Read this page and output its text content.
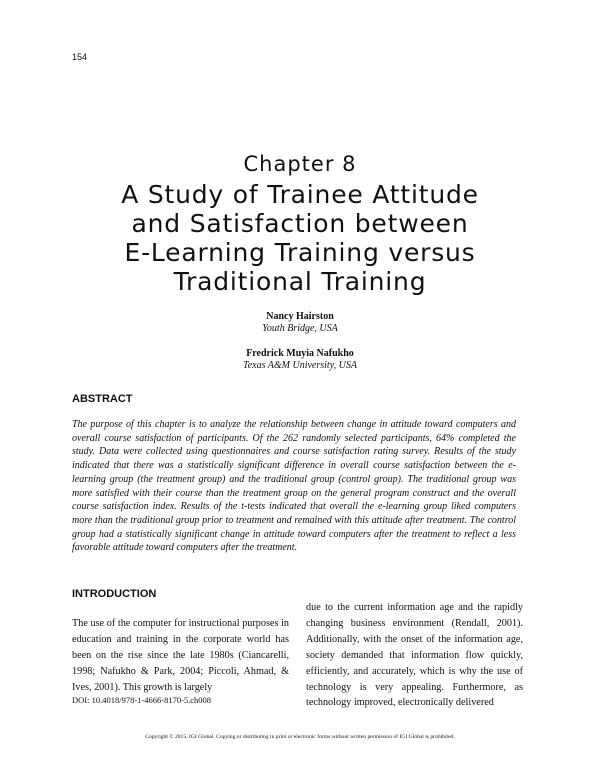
154
Chapter 8
A Study of Trainee Attitude
and Satisfaction between
E-Learning Training versus
Traditional Training
Nancy Hairston
Youth Bridge, USA
Fredrick Muyia Nafukho
Texas A&M University, USA
ABSTRACT
The purpose of this chapter is to analyze the relationship between change in attitude toward computers and overall course satisfaction of participants. Of the 262 randomly selected participants, 64% completed the study. Data were collected using questionnaires and course satisfaction rating survey. Results of the study indicated that there was a statistically significant difference in overall course satisfaction between the e-learning group (the treatment group) and the traditional group (control group). The traditional group was more satisfied with their course than the treatment group on the general program construct and the overall course satisfaction index. Results of the t-tests indicated that overall the e-learning group liked computers more than the traditional group prior to treatment and remained with this attitude after treatment. The control group had a statistically significant change in attitude toward computers after the treatment to reflect a less favorable attitude toward computers after the treatment.
INTRODUCTION

The use of the computer for instructional purposes in education and training in the corporate world has been on the rise since the late 1980s (Ciancarelli, 1998; Nafukho & Park, 2004; Piccoli, Ahmad, & Ives, 2001). This growth is largely

due to the current information age and the rapidly changing business environment (Rendall, 2001). Additionally, with the onset of the information age, society demanded that information flow quickly, efficiently, and accurately, which is why the use of technology is very appealing. Furthermore, as technology improved, electronically delivered

DOI: 10.4018/978-1-4666-8170-5.ch008
Copyright © 2015, IGI Global. Copying or distributing in print or electronic forms without written permission of IGI Global is prohibited.
